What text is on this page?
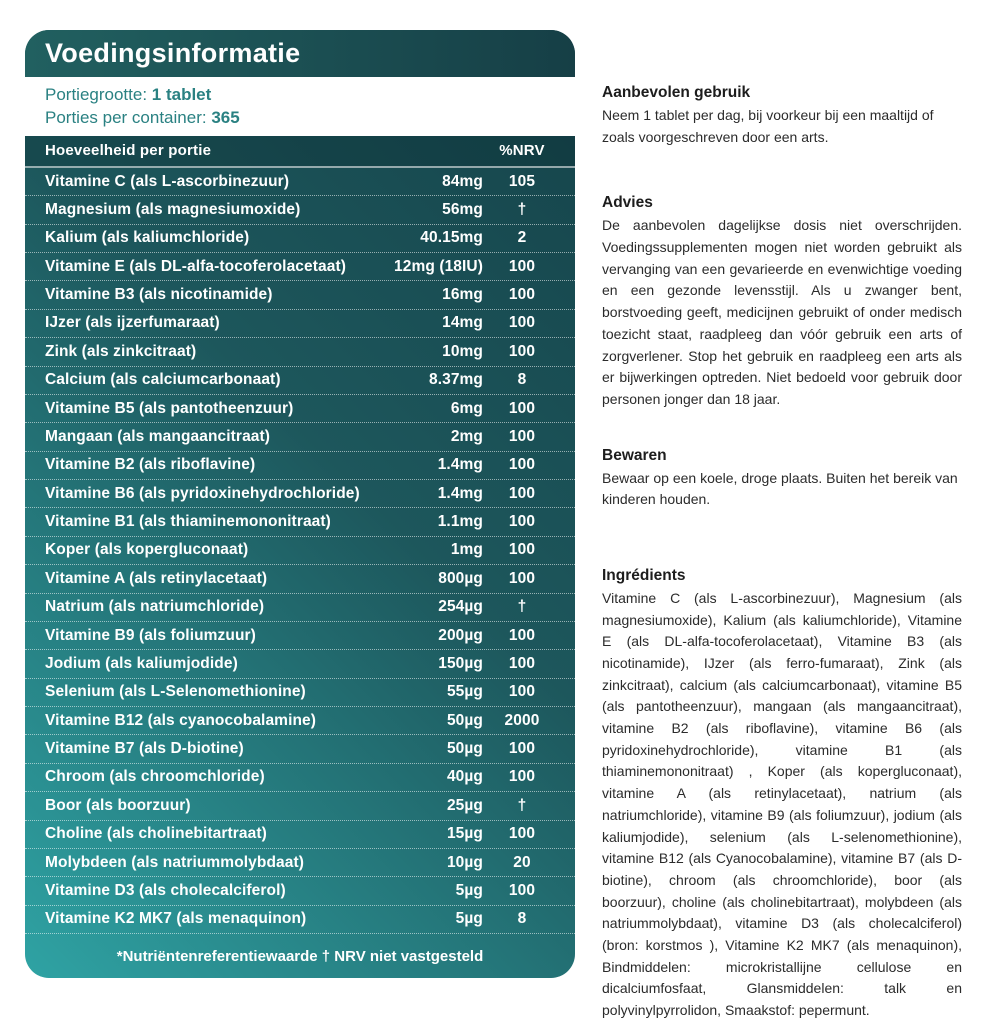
Voedingsinformatie
Portiegrootte: 1 tablet
Porties per container: 365
Hoeveelheid per portie	%NRV
Vitamine C (als L-ascorbinezuur)	84mg	105
Magnesium (als magnesiumoxide)	56mg	†
Kalium (als kaliumchloride)	40.15mg	2
Vitamine E (als DL-alfa-tocoferolacetaat)	12mg (18IU)	100
Vitamine B3 (als nicotinamide)	16mg	100
IJzer (als ijzerfumaraat)	14mg	100
Zink (als zinkcitraat)	10mg	100
Calcium (als calciumcarbonaat)	8.37mg	8
Vitamine B5 (als pantotheenzuur)	6mg	100
Mangaan (als mangaancitraat)	2mg	100
Vitamine B2 (als riboflavine)	1.4mg	100
Vitamine B6 (als pyridoxinehydrochloride)	1.4mg	100
Vitamine B1 (als thiaminemononitraat)	1.1mg	100
Koper (als kopergluconaat)	1mg	100
Vitamine A (als retinylacetaat)	800µg	100
Natrium (als natriumchloride)	254µg	†
Vitamine B9 (als foliumzuur)	200µg	100
Jodium (als kaliumjodide)	150µg	100
Selenium (als L-Selenomethionine)	55µg	100
Vitamine B12 (als cyanocobalamine)	50µg	2000
Vitamine B7 (als D-biotine)	50µg	100
Chroom (als chroomchloride)	40µg	100
Boor (als boorzuur)	25µg	†
Choline (als cholinebitartraat)	15µg	100
Molybdeen (als natriummolybdaat)	10µg	20
Vitamine D3 (als cholecalciferol)	5µg	100
Vitamine K2 MK7 (als menaquinon)	5µg	8
*Nutriëntenreferentiewaarde † NRV niet vastgesteld
Aanbevolen gebruik

Neem 1 tablet per dag, bij voorkeur bij een maaltijd of zoals voorgeschreven door een arts.

Advies

De aanbevolen dagelijkse dosis niet overschrijden. Voedingssupplementen mogen niet worden gebruikt als vervanging van een gevarieerde en evenwichtige voeding en een gezonde levensstijl. Als u zwanger bent, borstvoeding geeft, medicijnen gebruikt of onder medisch toezicht staat, raadpleeg dan vóór gebruik een arts of zorgverlener. Stop het gebruik en raadpleeg een arts als er bijwerkingen optreden. Niet bedoeld voor gebruik door personen jonger dan 18 jaar.

Bewaren

Bewaar op een koele, droge plaats. Buiten het bereik van kinderen houden.

Ingrédients

Vitamine C (als L-ascorbinezuur), Magnesium (als magnesiumoxide), Kalium (als kaliumchloride), Vitamine E (als DL-alfa-tocoferolacetaat), Vitamine B3 (als nicotinamide), IJzer (als ferro-fumaraat), Zink (als zinkcitraat), calcium (als calciumcarbonaat), vitamine B5 (als pantotheenzuur), mangaan (als mangaancitraat), vitamine B2 (als riboflavine), vitamine B6 (als pyridoxinehydrochloride), vitamine B1 (als thiaminemononitraat) , Koper (als kopergluconaat), vitamine A (als retinylacetaat), natrium (als natriumchloride), vitamine B9 (als foliumzuur), jodium (als kaliumjodide), selenium (als L-selenomethionine), vitamine B12 (als Cyanocobalamine), vitamine B7 (als D-biotine), chroom (als chroomchloride), boor (als boorzuur), choline (als cholinebitartraat), molybdeen (als natriummolybdaat), vitamine D3 (als cholecalciferol) (bron: korstmos ), Vitamine K2 MK7 (als menaquinon), Bindmiddelen: microkristallijne cellulose en dicalciumfosfaat, Glansmiddelen: talk en polyvinylpyrrolidon, Smaakstof: pepermunt.
